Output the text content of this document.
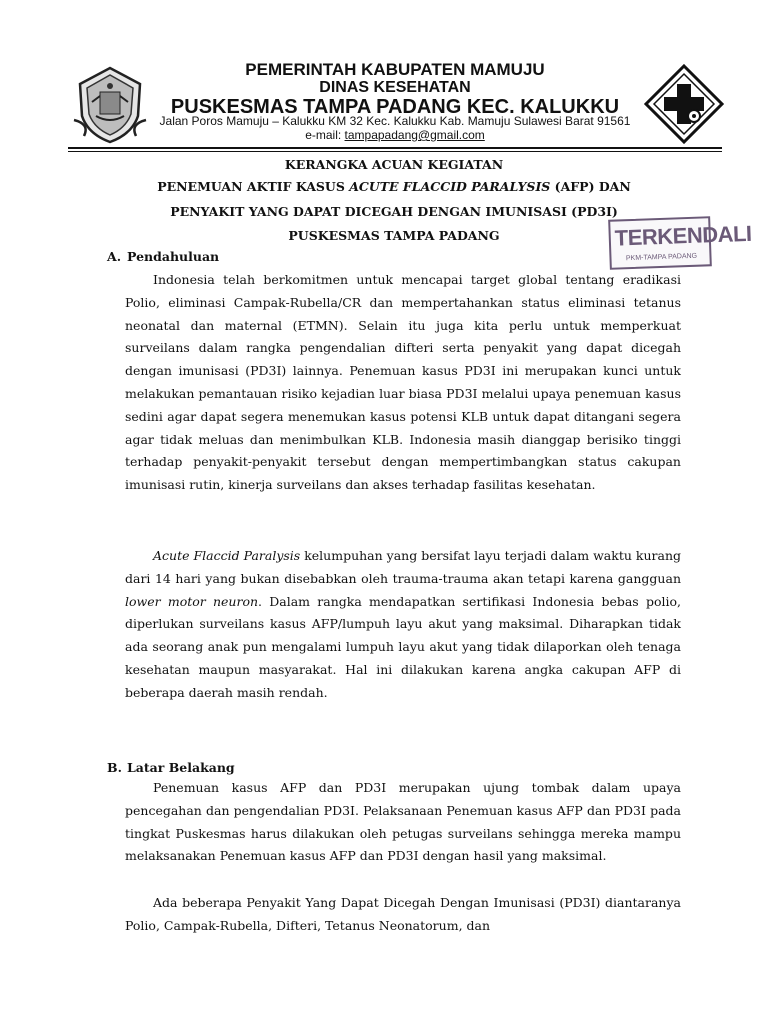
PEMERINTAH KABUPATEN MAMUJU
DINAS KESEHATAN
PUSKESMAS TAMPA PADANG KEC. KALUKKU
Jalan Poros Mamuju – Kalukku KM 32 Kec. Kalukku Kab. Mamuju Sulawesi Barat 91561
e-mail: tampapadang@gmail.com
KERANGKA ACUAN KEGIATAN
PENEMUAN AKTIF KASUS ACUTE FLACCID PARALYSIS (AFP) DAN
PENYAKIT YANG DAPAT DICEGAH DENGAN IMUNISASI (PD3I)
PUSKESMAS TAMPA PADANG	TERKENDALI
PKM-TAMPA PADANG
A. Pendahuluan

Indonesia telah berkomitmen untuk mencapai target global tentang eradikasi Polio, eliminasi Campak-Rubella/CR dan mempertahankan status eliminasi tetanus neonatal dan maternal (ETMN). Selain itu juga kita perlu untuk memperkuat surveilans dalam rangka pengendalian difteri serta penyakit yang dapat dicegah dengan imunisasi (PD3I) lainnya. Penemuan kasus PD3I ini merupakan kunci untuk melakukan pemantauan risiko kejadian luar biasa PD3I melalui upaya penemuan kasus sedini agar dapat segera menemukan kasus potensi KLB untuk dapat ditangani segera agar tidak meluas dan menimbulkan KLB. Indonesia masih dianggap berisiko tinggi terhadap penyakit-penyakit tersebut dengan mempertimbangkan status cakupan imunisasi rutin, kinerja surveilans dan akses terhadap fasilitas kesehatan.

Acute Flaccid Paralysis kelumpuhan yang bersifat layu terjadi dalam waktu kurang dari 14 hari yang bukan disebabkan oleh trauma-trauma akan tetapi karena gangguan lower motor neuron. Dalam rangka mendapatkan sertifikasi Indonesia bebas polio, diperlukan surveilans kasus AFP/lumpuh layu akut yang maksimal. Diharapkan tidak ada seorang anak pun mengalami lumpuh layu akut yang tidak dilaporkan oleh tenaga kesehatan maupun masyarakat. Hal ini dilakukan karena angka cakupan AFP di beberapa daerah masih rendah.

B. Latar Belakang

Penemuan kasus AFP dan PD3I merupakan ujung tombak dalam upaya pencegahan dan pengendalian PD3I. Pelaksanaan Penemuan kasus AFP dan PD3I pada tingkat Puskesmas harus dilakukan oleh petugas surveilans sehingga mereka mampu melaksanakan Penemuan kasus AFP dan PD3I dengan hasil yang maksimal.

Ada beberapa Penyakit Yang Dapat Dicegah Dengan Imunisasi (PD3I) diantaranya Polio, Campak-Rubella, Difteri, Tetanus Neonatorum, dan
